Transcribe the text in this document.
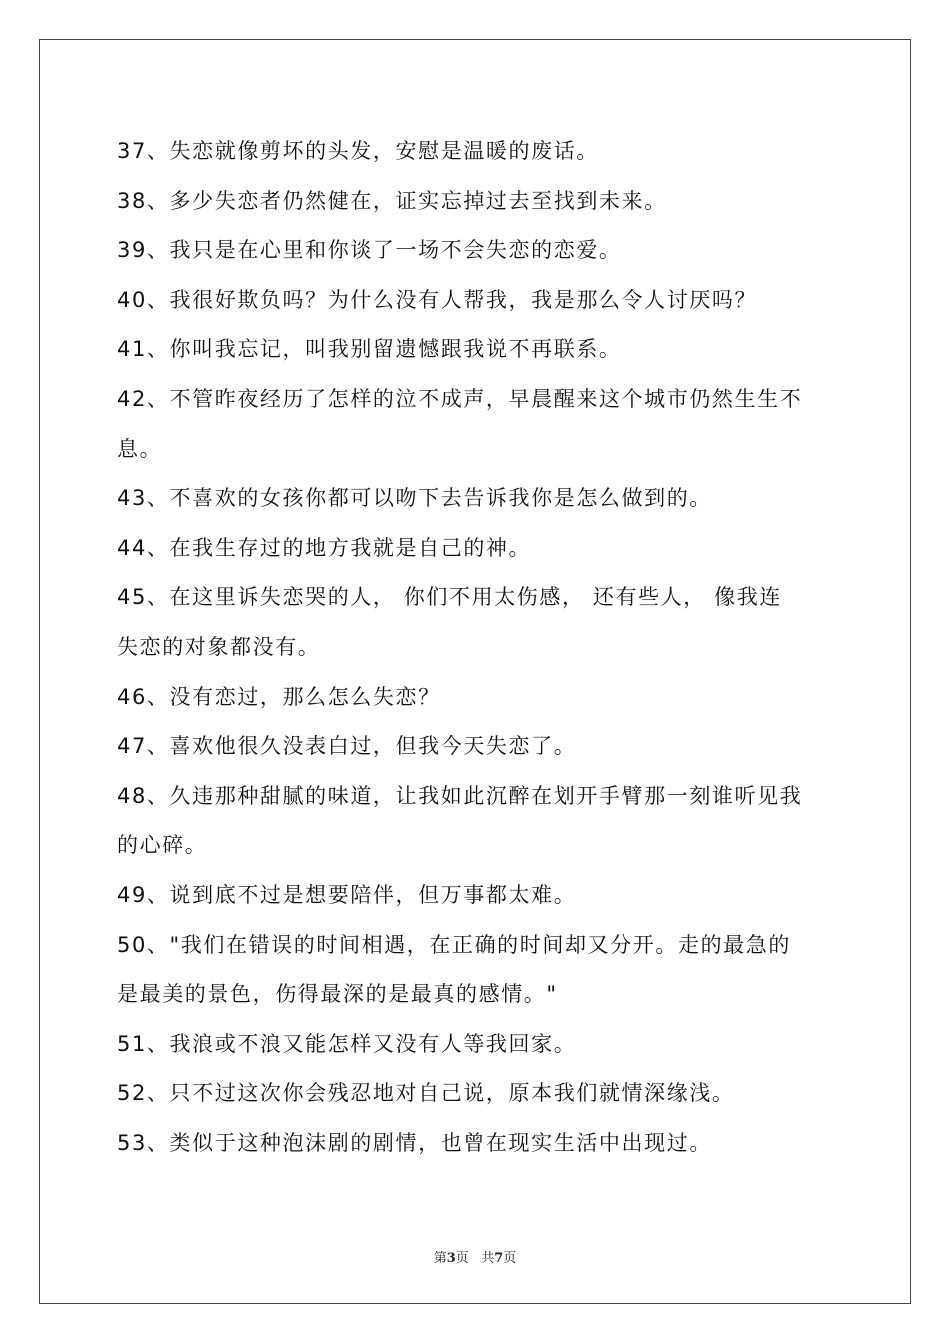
37、失恋就像剪坏的头发，安慰是温暖的废话。
38、多少失恋者仍然健在，证实忘掉过去至找到未来。
39、我只是在心里和你谈了一场不会失恋的恋爱。
40、我很好欺负吗？为什么没有人帮我，我是那么令人讨厌吗？
41、你叫我忘记，叫我别留遗憾跟我说不再联系。
42、不管昨夜经历了怎样的泣不成声，早晨醒来这个城市仍然生生不
息。
43、不喜欢的女孩你都可以吻下去告诉我你是怎么做到的。
44、在我生存过的地方我就是自己的神。
45、在这里诉失恋哭的人， 你们不用太伤感， 还有些人， 像我连
失恋的对象都没有。
46、没有恋过，那么怎么失恋？
47、喜欢他很久没表白过，但我今天失恋了。
48、久违那种甜腻的味道，让我如此沉醉在划开手臂那一刻谁听见我
的心碎。
49、说到底不过是想要陪伴，但万事都太难。
50、"我们在错误的时间相遇，在正确的时间却又分开。走的最急的
是最美的景色，伤得最深的是最真的感情。"
51、我浪或不浪又能怎样又没有人等我回家。
52、只不过这次你会残忍地对自己说，原本我们就情深缘浅。
53、类似于这种泡沫剧的剧情，也曾在现实生活中出现过。
第3页 共7页
